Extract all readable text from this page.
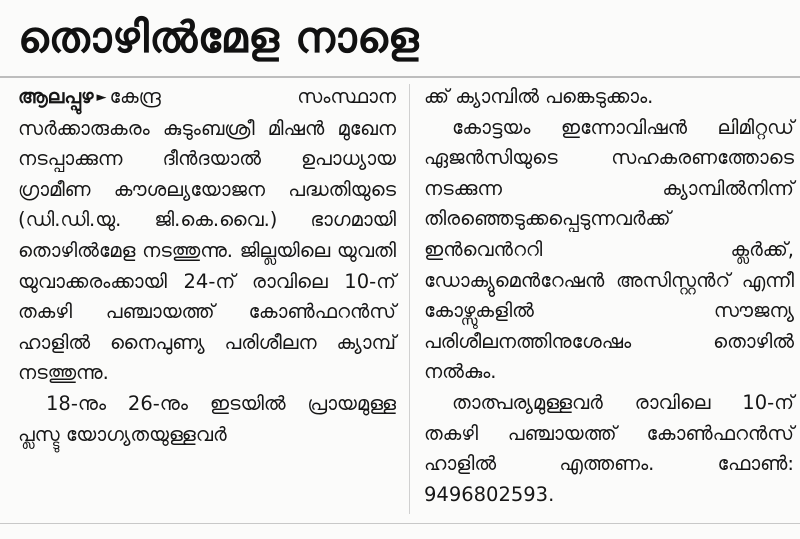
തൊഴിൽമേള നാളെ

ആലപ്പുഴ ► കേന്ദ്ര സംസ്ഥാന സർക്കാരുകരം കുടുംബശ്രീ മിഷൻ മുഖേന നടപ്പാക്കുന്ന ദീൻദയാൽ ഉപാധ്യായ ഗ്രാമീണ കൗശല്യയോജന പദ്ധതിയുടെ (ഡി.ഡി.യു. ജി.കെ.വൈ.) ഭാഗമായി തൊഴിൽമേള നടത്തുന്നു. ജില്ലയിലെ യുവതി യുവാക്കരംക്കായി 24-ന് രാവിലെ 10-ന് തകഴി പഞ്ചായത്ത് കോൺഫറൻസ് ഹാളിൽ നൈപുണ്യ പരിശീലന ക്യാമ്പ് നടത്തുന്നു.

18-നും 26-നും ഇടയിൽ പ്രായമുള്ള പ്ലസ്ടു യോഗ്യതയുള്ളവർ

ക്ക് ക്യാമ്പിൽ പങ്കെടുക്കാം.

കോട്ടയം ഇന്നോവിഷൻ ലിമിറ്റഡ് ഏജൻസിയുടെ സഹകരണത്തോടെ നടക്കുന്ന ക്യാമ്പിൽനിന്ന് തിരഞ്ഞെടുക്കപ്പെടുന്നവർക്ക് ഇൻവെൻററി ക്ലർക്ക്, ഡോക്യുമെൻറേഷൻ അസിസ്റ്റൻറ് എന്നീ കോഴ്സുകളിൽ സൗജന്യ പരിശീലനത്തിനുശേഷം തൊഴിൽ നൽകും.

താത്പര്യമുള്ളവർ രാവിലെ 10-ന് തകഴി പഞ്ചായത്ത് കോൺഫറൻസ് ഹാളിൽ എത്തണം. ഫോൺ: 9496802593.
